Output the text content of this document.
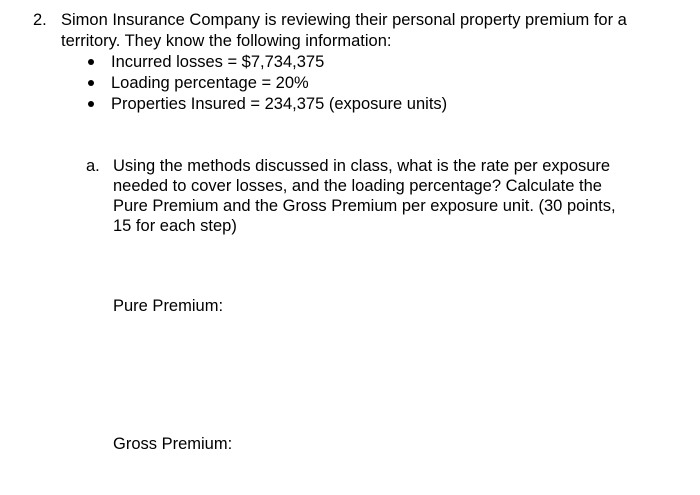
2. Simon Insurance Company is reviewing their personal property premium for a
territory. They know the following information:
Incurred losses = $7,734,375
Loading percentage = 20%
Properties Insured = 234,375 (exposure units)
a. Using the methods discussed in class, what is the rate per exposure
needed to cover losses, and the loading percentage? Calculate the
Pure Premium and the Gross Premium per exposure unit. (30 points,
15 for each step)
Pure Premium:
Gross Premium:
